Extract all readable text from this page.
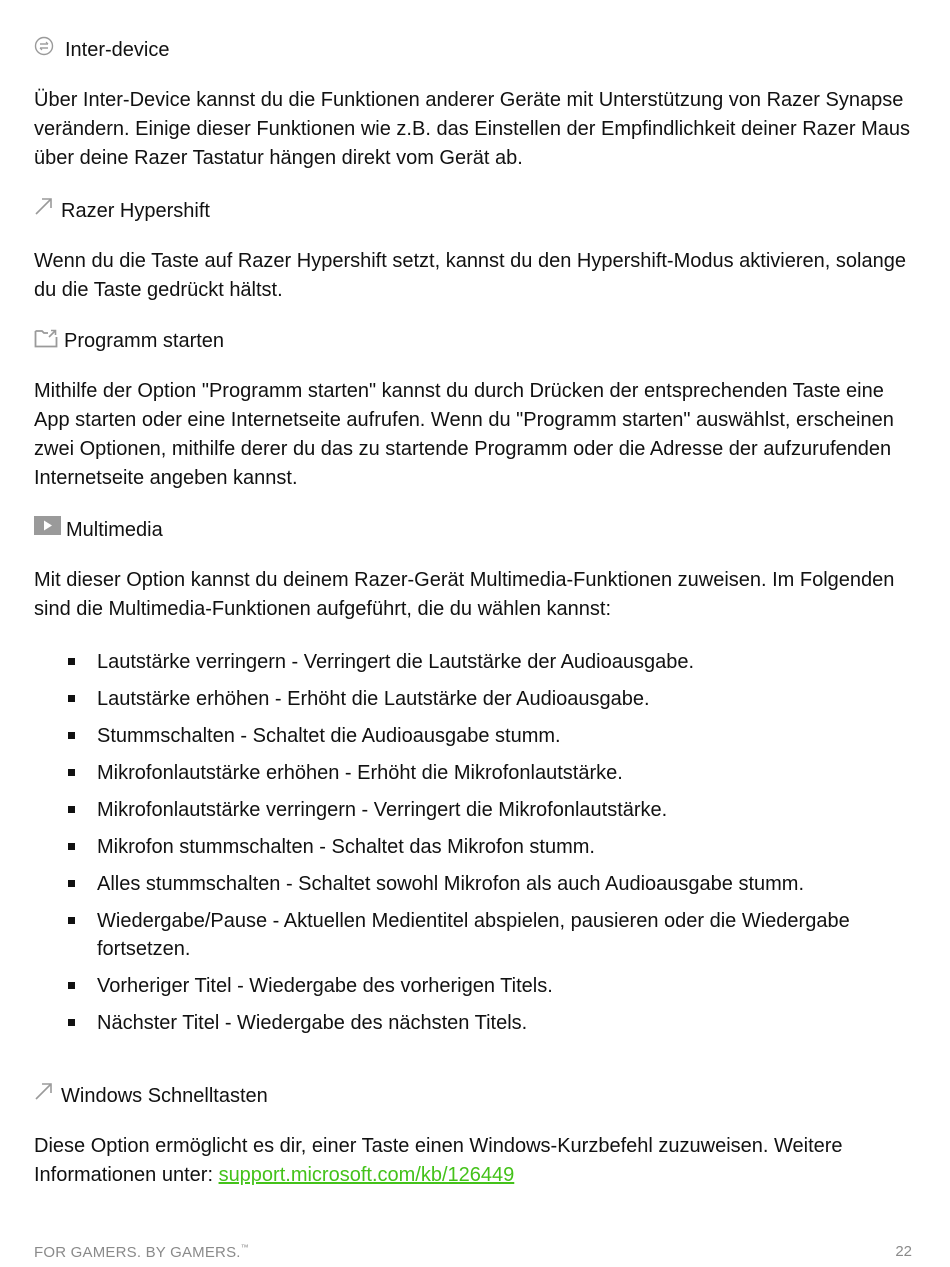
Inter-device

Über Inter-Device kannst du die Funktionen anderer Geräte mit Unterstützung von Razer Synapse verändern. Einige dieser Funktionen wie z.B. das Einstellen der Empfindlichkeit deiner Razer Maus über deine Razer Tastatur hängen direkt vom Gerät ab.

Razer Hypershift

Wenn du die Taste auf Razer Hypershift setzt, kannst du den Hypershift-Modus aktivieren, solange du die Taste gedrückt hältst.

Programm starten

Mithilfe der Option "Programm starten" kannst du durch Drücken der entsprechenden Taste eine App starten oder eine Internetseite aufrufen. Wenn du "Programm starten" auswählst, erscheinen zwei Optionen, mithilfe derer du das zu startende Programm oder die Adresse der aufzurufenden Internetseite angeben kannst.

Multimedia

Mit dieser Option kannst du deinem Razer-Gerät Multimedia-Funktionen zuweisen. Im Folgenden sind die Multimedia-Funktionen aufgeführt, die du wählen kannst:

Lautstärke verringern - Verringert die Lautstärke der Audioausgabe.
Lautstärke erhöhen - Erhöht die Lautstärke der Audioausgabe.
Stummschalten - Schaltet die Audioausgabe stumm.
Mikrofonlautstärke erhöhen - Erhöht die Mikrofonlautstärke.
Mikrofonlautstärke verringern - Verringert die Mikrofonlautstärke.
Mikrofon stummschalten - Schaltet das Mikrofon stumm.
Alles stummschalten - Schaltet sowohl Mikrofon als auch Audioausgabe stumm.
Wiedergabe/Pause - Aktuellen Medientitel abspielen, pausieren oder die Wiedergabe fortsetzen.
Vorheriger Titel - Wiedergabe des vorherigen Titels.
Nächster Titel - Wiedergabe des nächsten Titels.
Windows Schnelltasten

Diese Option ermöglicht es dir, einer Taste einen Windows-Kurzbefehl zuzuweisen. Weitere Informationen unter: support.microsoft.com/kb/126449

FOR GAMERS. BY GAMERS.™	22
